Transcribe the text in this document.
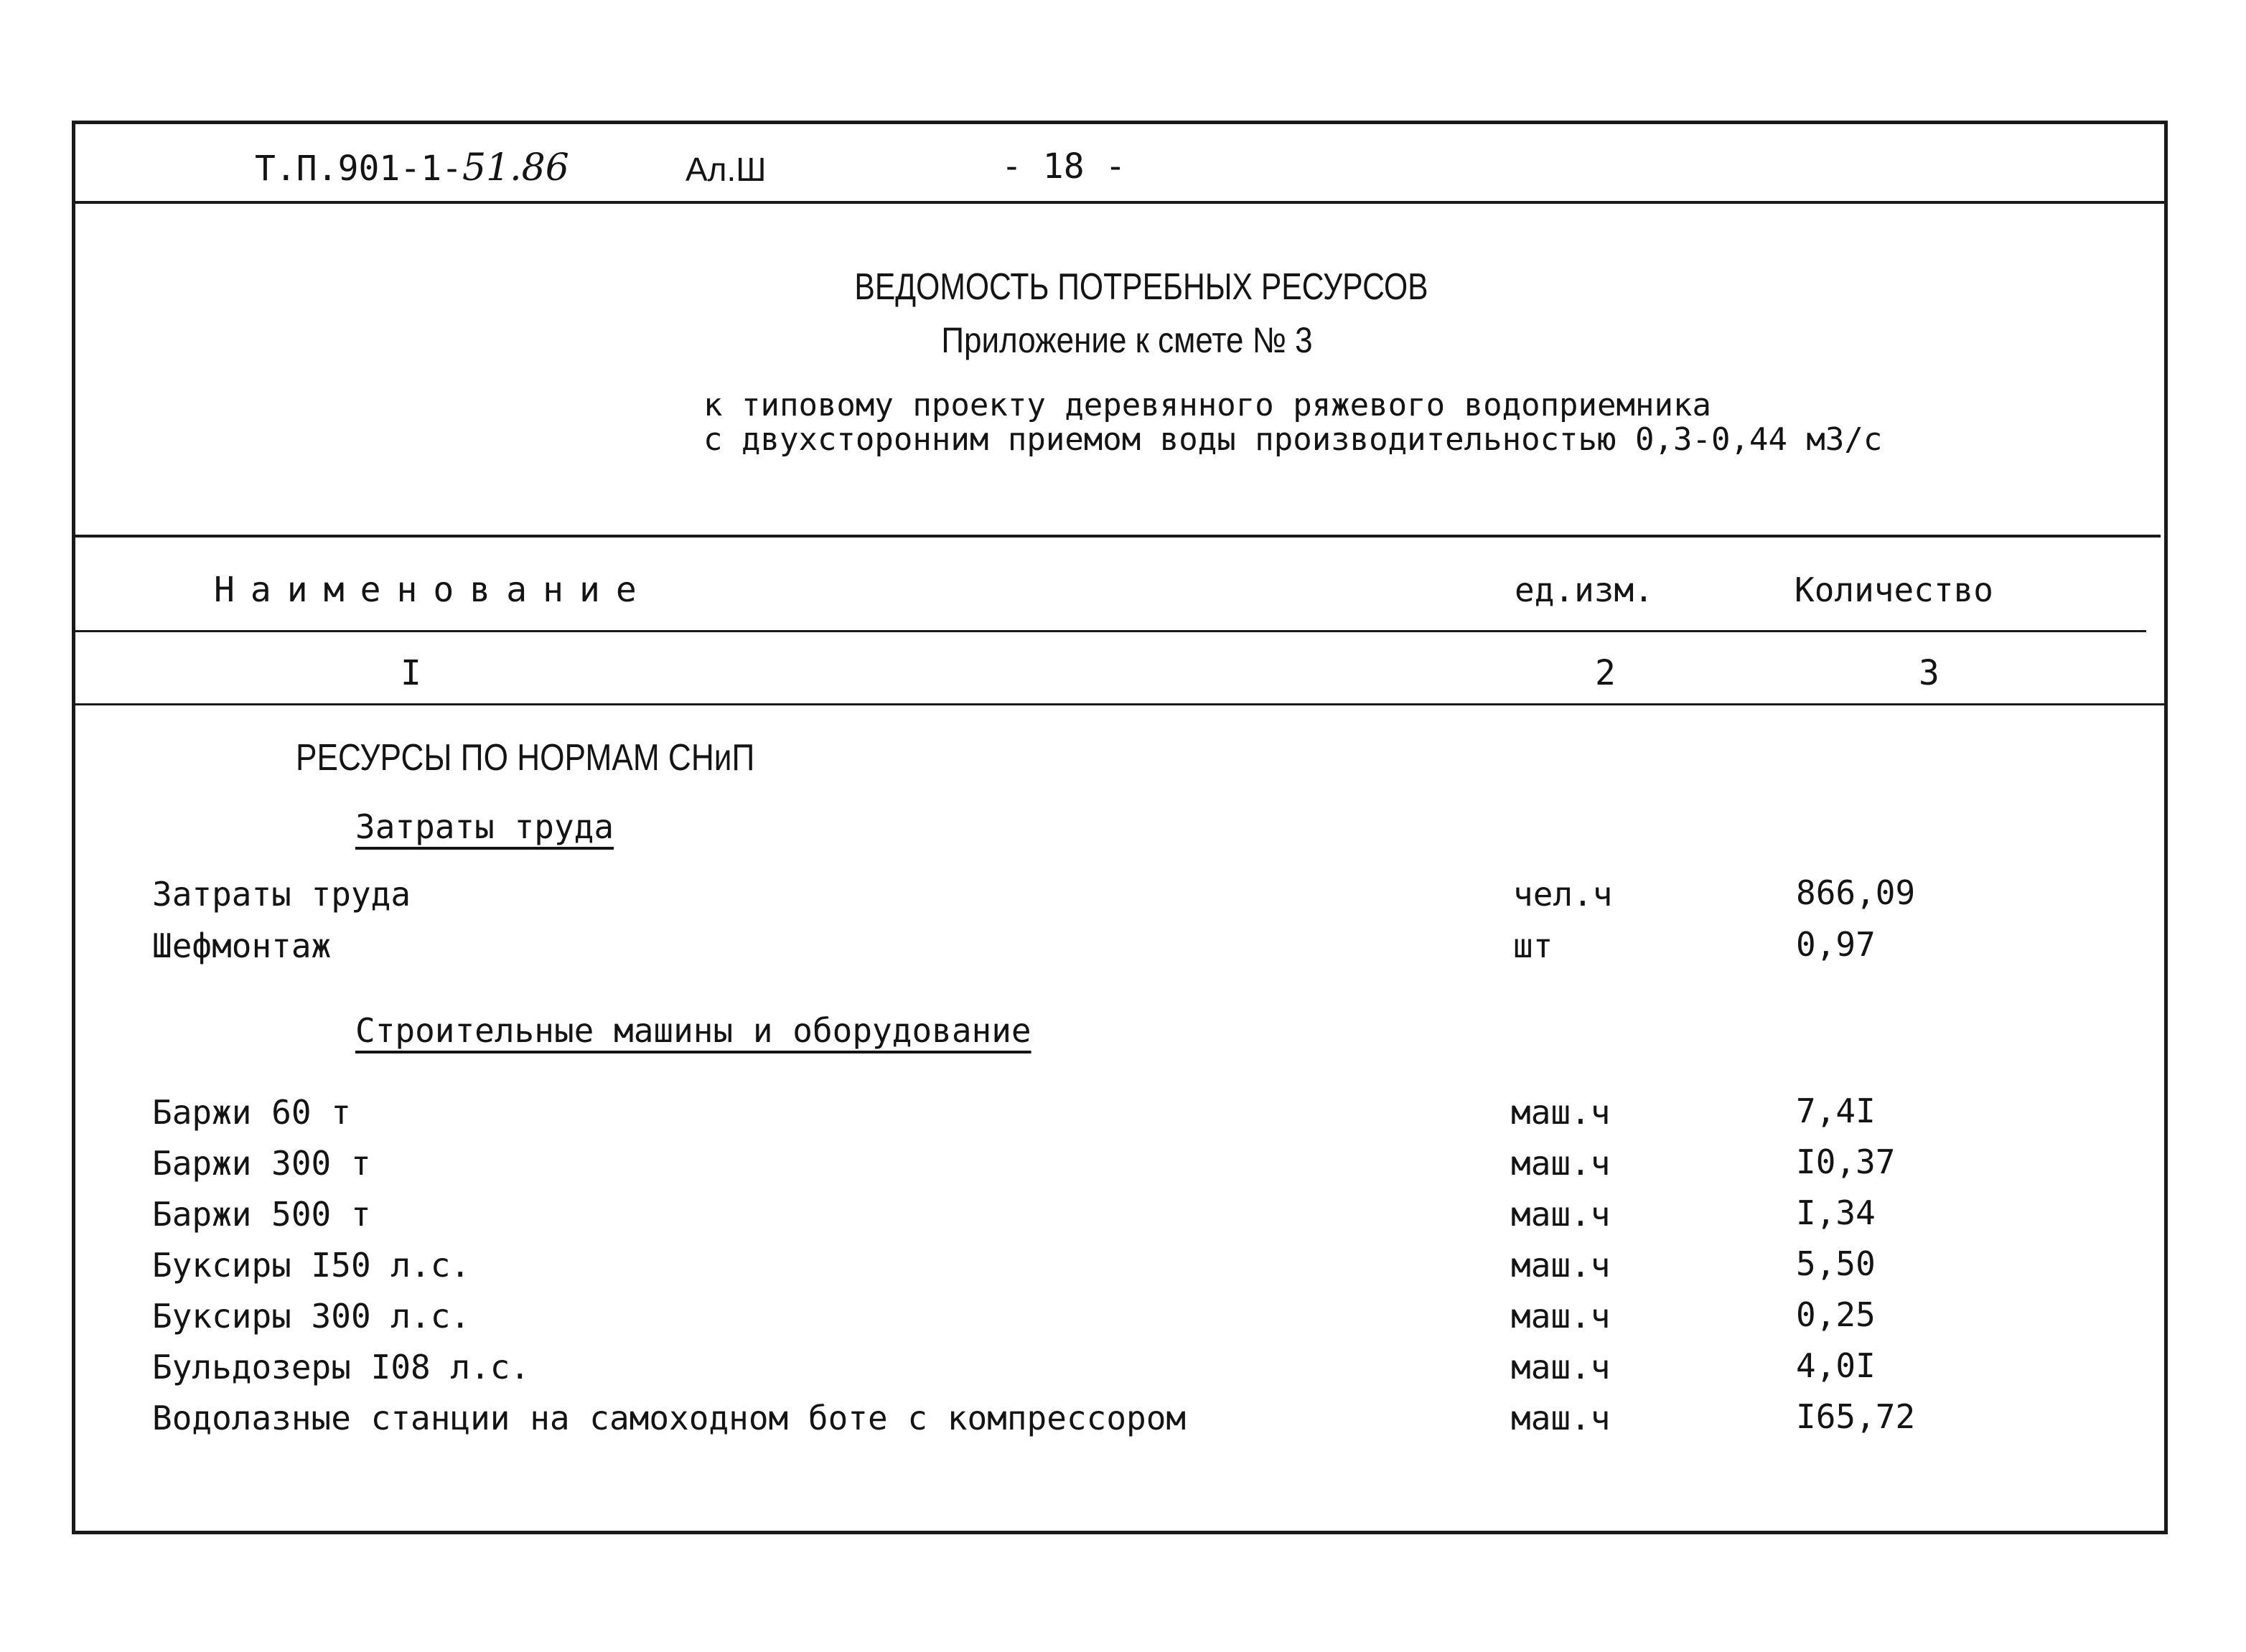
Т.П.901-1-51.86	Ал.Ш	- 18 -
ВЕДОМОСТЬ ПОТРЕБНЫХ РЕСУРСОВ
Приложение к смете № 3
к типовому проекту деревянного ряжевого водоприемника
с двухсторонним приемом воды производительностью 0,3-0,44 м3/с
Наименование	ед.изм.	Количество
I	2	3
РЕСУРСЫ ПО НОРМАМ СНиП
Затраты труда
Затраты труда	чел.ч	866,09
Шефмонтаж	шт	0,97
Строительные машины и оборудование
Баржи 60 т	маш.ч	7,4I
Баржи 300 т	маш.ч	I0,37
Баржи 500 т	маш.ч	I,34
Буксиры I50 л.с.	маш.ч	5,50
Буксиры 300 л.с.	маш.ч	0,25
Бульдозеры I08 л.с.	маш.ч	4,0I
Водолазные станции на самоходном боте с компрессором	маш.ч	I65,72
